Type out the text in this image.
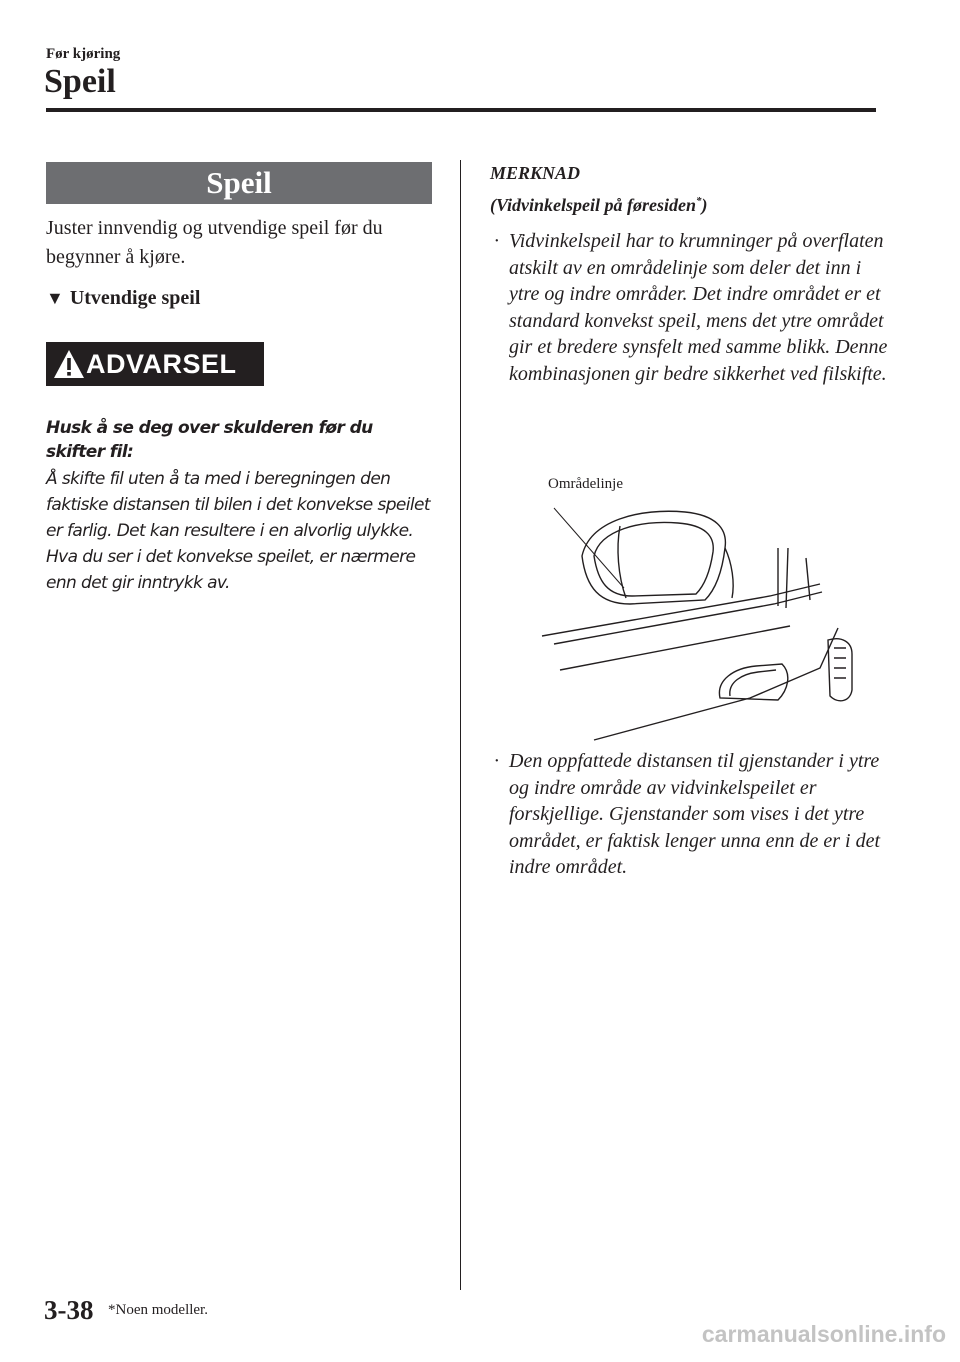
Før kjøring
Speil
Speil
Juster innvendig og utvendige speil før du begynner å kjøre.
▼ Utvendige speil
ADVARSEL
Husk å se deg over skulderen før du skifter fil:
Å skifte fil uten å ta med i beregningen den faktiske distansen til bilen i det konvekse speilet er farlig. Det kan resultere i en alvorlig ulykke. Hva du ser i det konvekse speilet, er nærmere enn det gir inntrykk av.
MERKNAD
(Vidvinkelspeil på føresiden*)
· Vidvinkelspeil har to krumninger på overflaten atskilt av en områdelinje som deler det inn i ytre og indre områder. Det indre området er et standard konvekst speil, mens det ytre området gir et bredere synsfelt med samme blikk. Denne kombinasjonen gir bedre sikkerhet ved filskifte.
Områdelinje
· Den oppfattede distansen til gjenstander i ytre og indre område av vidvinkelspeilet er forskjellige. Gjenstander som vises i det ytre området, er faktisk lenger unna enn de er i det indre området.
3-38 *Noen modeller.
carmanualsonline.info
